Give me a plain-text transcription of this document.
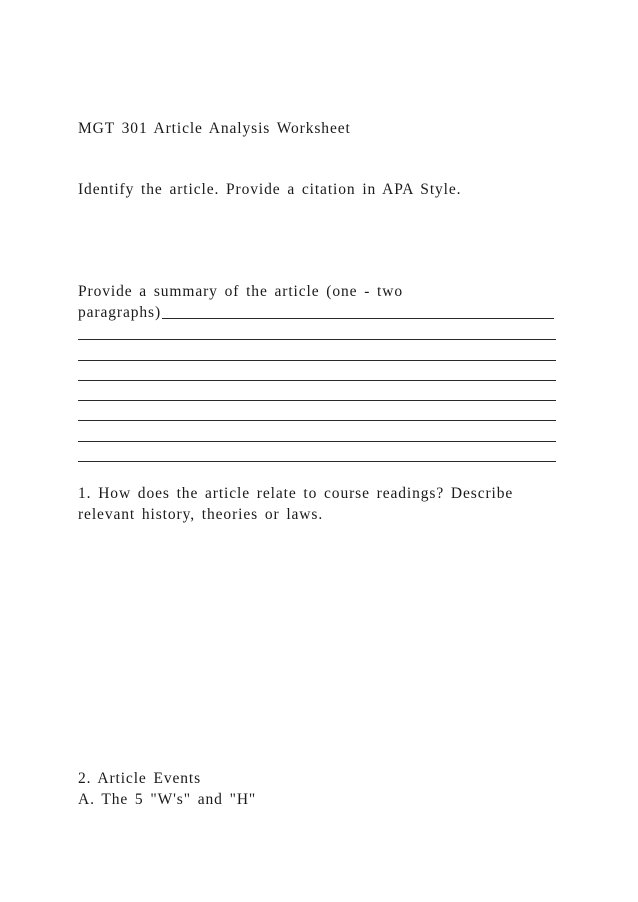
MGT 301 Article Analysis Worksheet
Identify the article. Provide a citation in APA Style.
Provide a summary of the article (one - two
paragraphs)
1. How does the article relate to course readings? Describe
relevant history, theories or laws.
2. Article Events
A. The 5 "W's" and "H"
